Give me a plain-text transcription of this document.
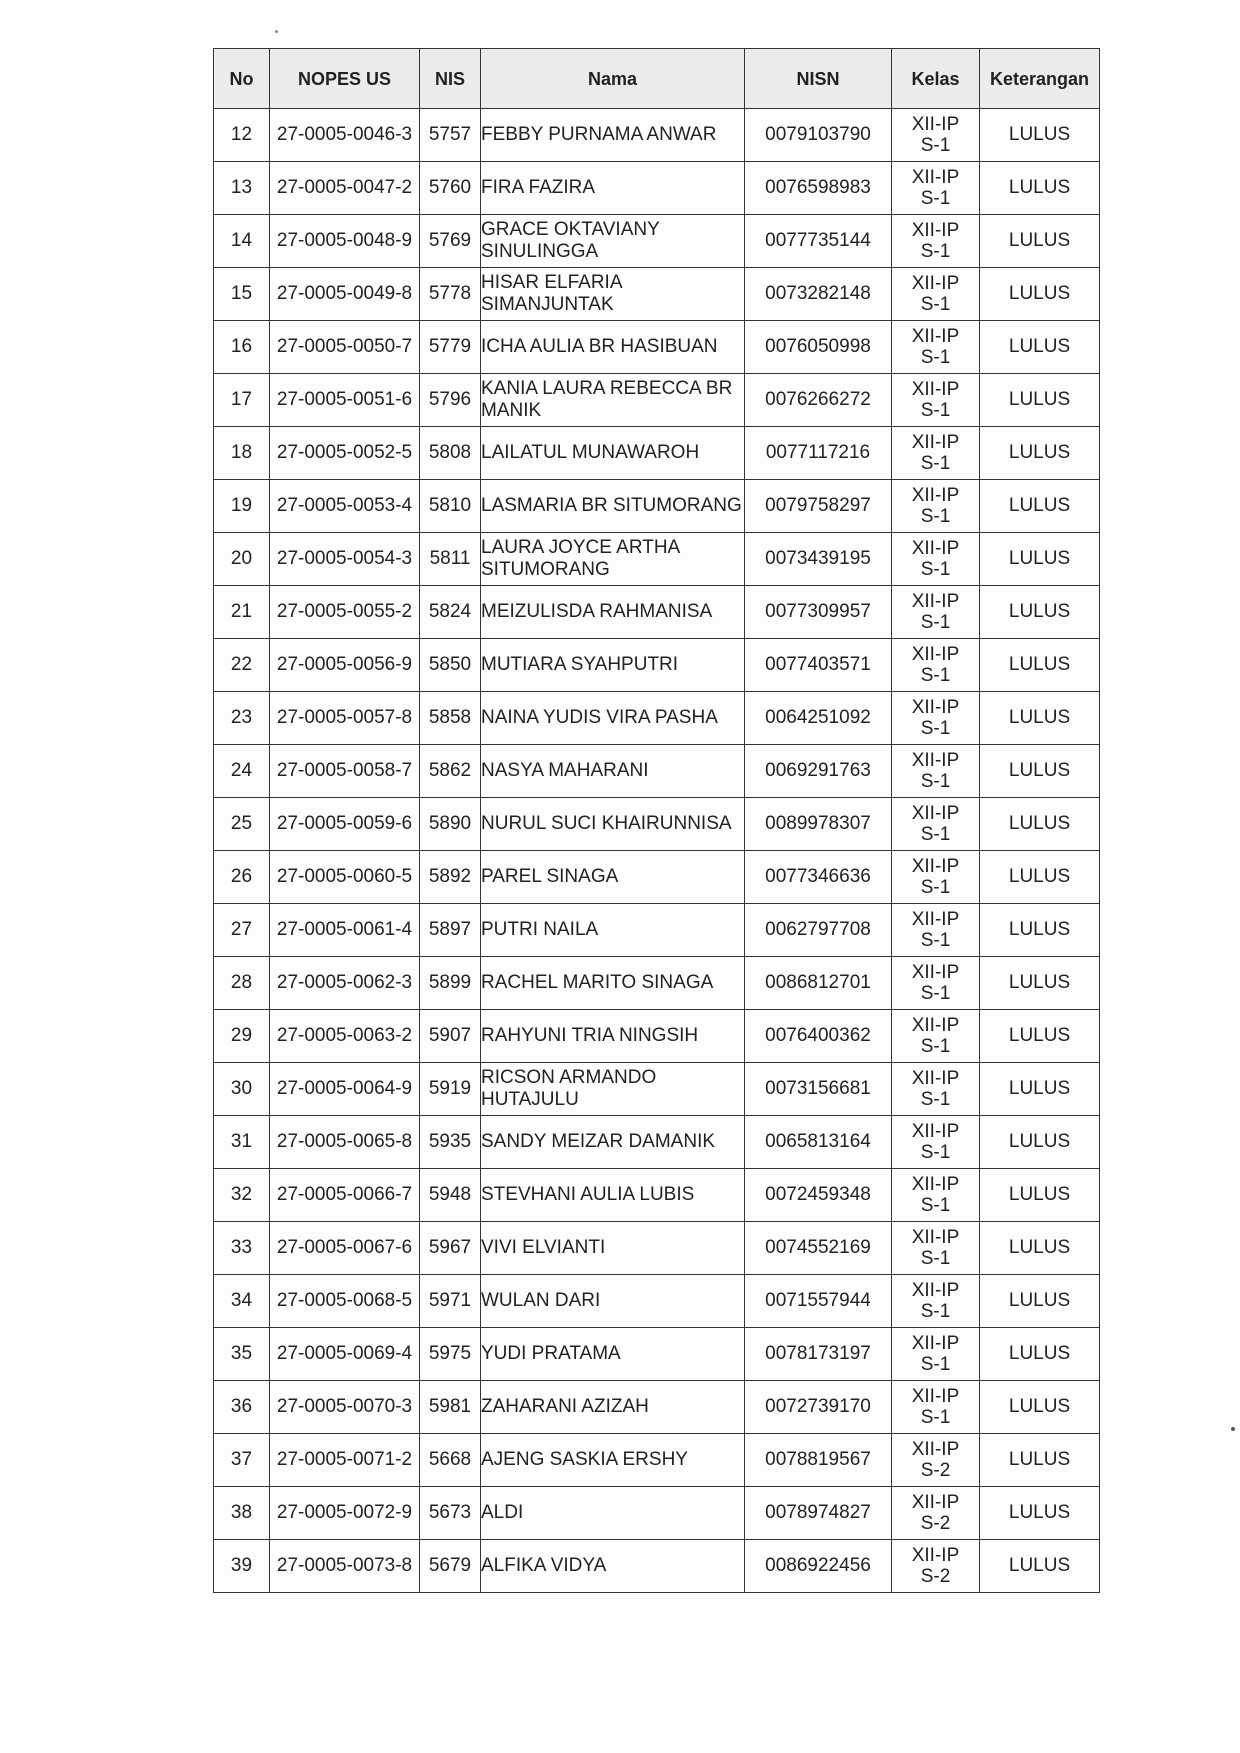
No	NOPES US	NIS	Nama	NISN	Kelas	Keterangan
12	27-0005-0046-3	5757	FEBBY PURNAMA ANWAR	0079103790	XII-IPS-1	LULUS
13	27-0005-0047-2	5760	FIRA FAZIRA	0076598983	XII-IPS-1	LULUS
14	27-0005-0048-9	5769	GRACE OKTAVIANY SINULINGGA	0077735144	XII-IPS-1	LULUS
15	27-0005-0049-8	5778	HISAR ELFARIA SIMANJUNTAK	0073282148	XII-IPS-1	LULUS
16	27-0005-0050-7	5779	ICHA AULIA BR HASIBUAN	0076050998	XII-IPS-1	LULUS
17	27-0005-0051-6	5796	KANIA LAURA REBECCA BR MANIK	0076266272	XII-IPS-1	LULUS
18	27-0005-0052-5	5808	LAILATUL MUNAWAROH	0077117216	XII-IPS-1	LULUS
19	27-0005-0053-4	5810	LASMARIA BR SITUMORANG	0079758297	XII-IPS-1	LULUS
20	27-0005-0054-3	5811	LAURA JOYCE ARTHA SITUMORANG	0073439195	XII-IPS-1	LULUS
21	27-0005-0055-2	5824	MEIZULISDA RAHMANISA	0077309957	XII-IPS-1	LULUS
22	27-0005-0056-9	5850	MUTIARA SYAHPUTRI	0077403571	XII-IPS-1	LULUS
23	27-0005-0057-8	5858	NAINA YUDIS VIRA PASHA	0064251092	XII-IPS-1	LULUS
24	27-0005-0058-7	5862	NASYA MAHARANI	0069291763	XII-IPS-1	LULUS
25	27-0005-0059-6	5890	NURUL SUCI KHAIRUNNISA	0089978307	XII-IPS-1	LULUS
26	27-0005-0060-5	5892	PAREL SINAGA	0077346636	XII-IPS-1	LULUS
27	27-0005-0061-4	5897	PUTRI NAILA	0062797708	XII-IPS-1	LULUS
28	27-0005-0062-3	5899	RACHEL MARITO SINAGA	0086812701	XII-IPS-1	LULUS
29	27-0005-0063-2	5907	RAHYUNI TRIA NINGSIH	0076400362	XII-IPS-1	LULUS
30	27-0005-0064-9	5919	RICSON ARMANDO HUTAJULU	0073156681	XII-IPS-1	LULUS
31	27-0005-0065-8	5935	SANDY MEIZAR DAMANIK	0065813164	XII-IPS-1	LULUS
32	27-0005-0066-7	5948	STEVHANI AULIA LUBIS	0072459348	XII-IPS-1	LULUS
33	27-0005-0067-6	5967	VIVI ELVIANTI	0074552169	XII-IPS-1	LULUS
34	27-0005-0068-5	5971	WULAN DARI	0071557944	XII-IPS-1	LULUS
35	27-0005-0069-4	5975	YUDI PRATAMA	0078173197	XII-IPS-1	LULUS
36	27-0005-0070-3	5981	ZAHARANI AZIZAH	0072739170	XII-IPS-1	LULUS
37	27-0005-0071-2	5668	AJENG SASKIA ERSHY	0078819567	XII-IPS-2	LULUS
38	27-0005-0072-9	5673	ALDI	0078974827	XII-IPS-2	LULUS
39	27-0005-0073-8	5679	ALFIKA VIDYA	0086922456	XII-IPS-2	LULUS
